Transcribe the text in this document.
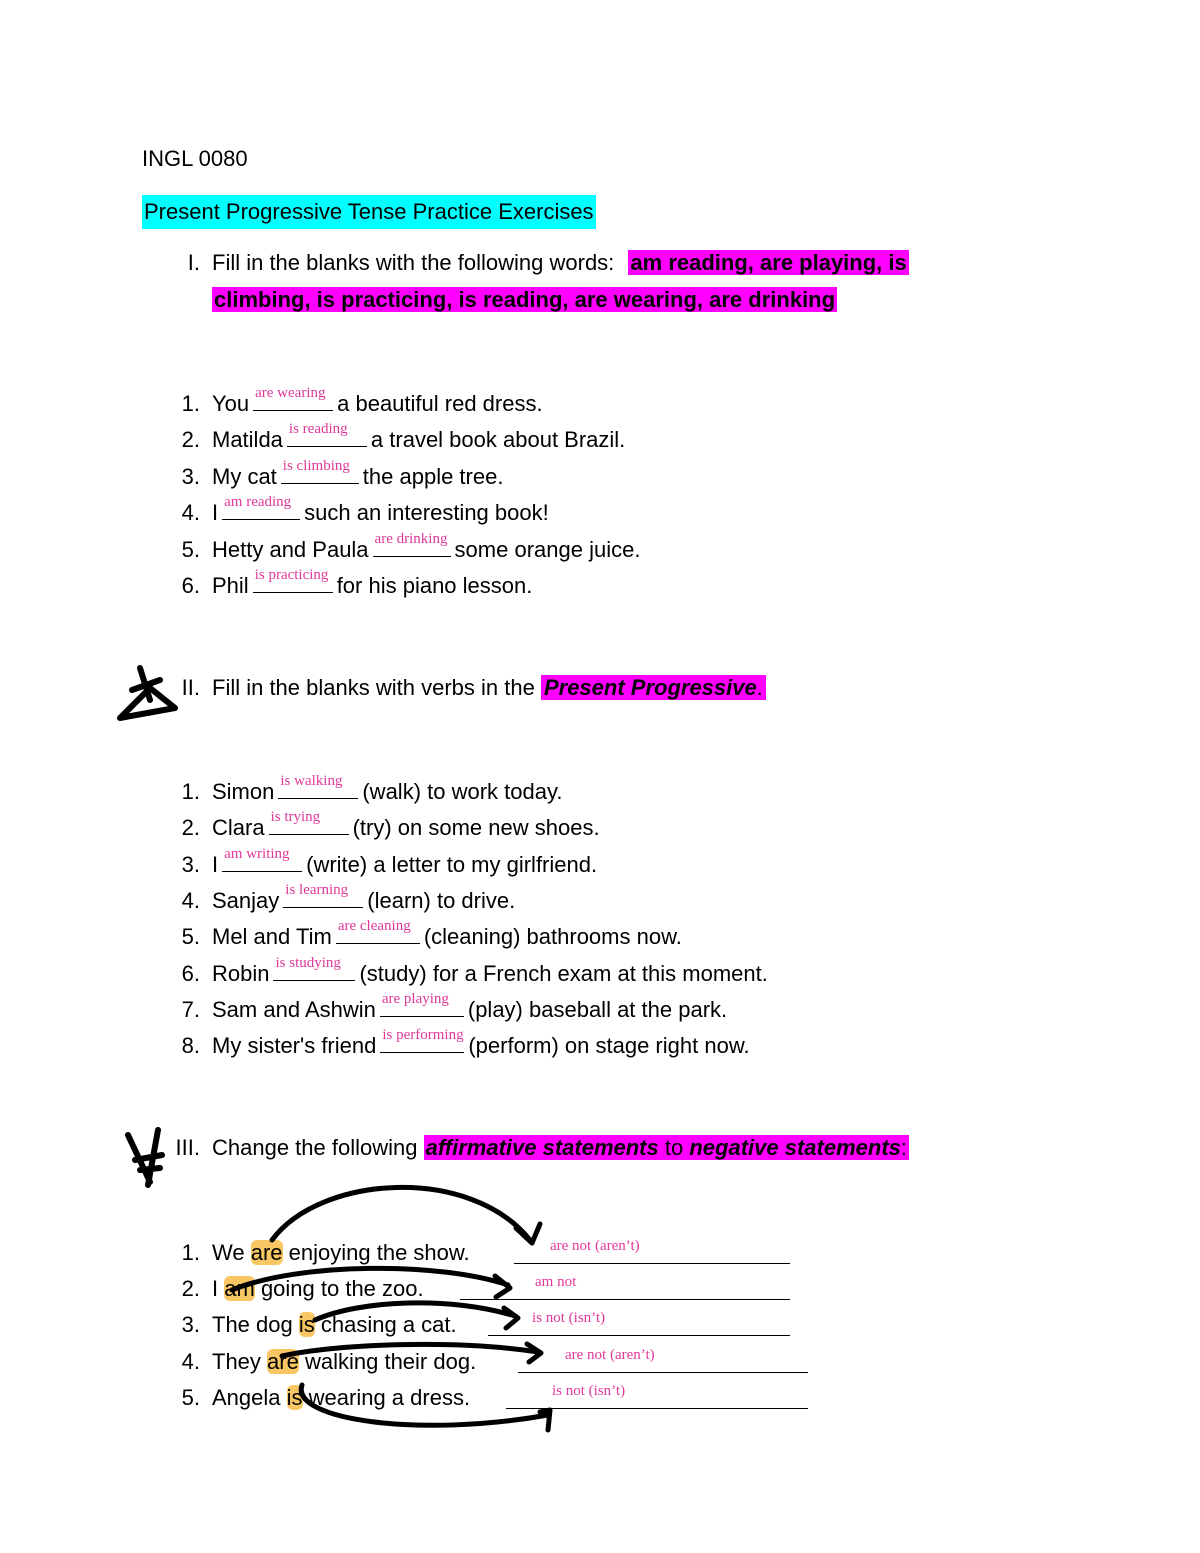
INGL 0080
Present Progressive Tense Practice Exercises
I. Fill in the blanks with the following words: am reading, are playing, is
climbing, is practicing, is reading, are wearing, are drinking
1. You are wearing a beautiful red dress.
2. Matilda is reading a travel book about Brazil.
3. My cat is climbing the apple tree.
4. I am reading such an interesting book!
5. Hetty and Paula are drinking some orange juice.
6. Phil is practicing for his piano lesson.
II. Fill in the blanks with verbs in the Present Progressive.
1. Simon is walking (walk) to work today.
2. Clara is trying (try) on some new shoes.
3. I am writing (write) a letter to my girlfriend.
4. Sanjay is learning (learn) to drive.
5. Mel and Tim are cleaning (cleaning) bathrooms now.
6. Robin is studying (study) for a French exam at this moment.
7. Sam and Ashwin are playing (play) baseball at the park.
8. My sister's friend is performing (perform) on stage right now.
III. Change the following affirmative statements to negative statements:
1. We are enjoying the show.	are not (aren’t)
2. I am going to the zoo.	am not
3. The dog is chasing a cat.	is not (isn’t)
4. They are walking their dog.	are not (aren’t)
5. Angela is wearing a dress.	is not (isn’t)
